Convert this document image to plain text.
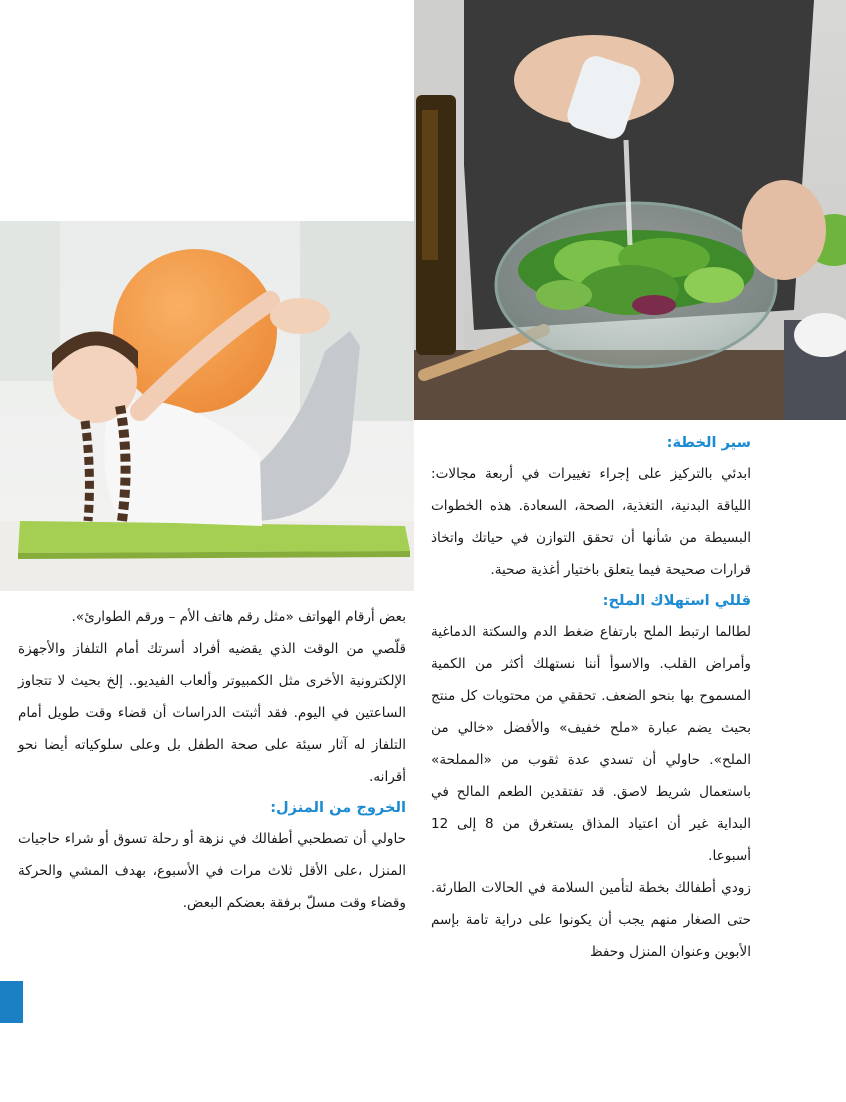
سير الخطة:

ابدئي بالتركيز على إجراء تغييرات في أربعة مجالات: اللياقة البدنية، التغذية، الصحة، السعادة. هذه الخطوات البسيطة من شأنها أن تحقق التوازن في حياتك واتخاذ قرارات صحيحة فيما يتعلق باختيار أغذية صحية.

قللي استهلاك الملح:

لطالما ارتبط الملح بارتفاع ضغط الدم والسكتة الدماغية وأمراض القلب. والاسوأ أننا نستهلك أكثر من الكمية المسموح بها بنحو الضعف. تحققي من محتويات كل منتج بحيث يضم عبارة «ملح خفيف» والأفضل «خالي من الملح». حاولي أن تسدي عدة ثقوب من «المملحة» باستعمال شريط لاصق. قد تفتقدين الطعم المالح في البداية غير أن اعتياد المذاق يستغرق من 8 إلى 12 أسبوعا.

زودي أطفالك بخطة لتأمين السلامة في الحالات الطارئة. حتى الصغار منهم يجب أن يكونوا على دراية تامة بإسم الأبوين وعنوان المنزل وحفظ

بعض أرقام الهواتف «مثل رقم هاتف الأم – ورقم الطوارئ».

قلّصي من الوقت الذي يقضيه أفراد أسرتك أمام التلفاز والأجهزة الإلكترونية الأخرى مثل الكمبيوتر وألعاب الفيديو.. إلخ بحيث لا تتجاوز الساعتين في اليوم. فقد أثبتت الدراسات أن قضاء وقت طويل أمام التلفاز له آثار سيئة على صحة الطفل بل وعلى سلوكياته أيضا نحو أقرانه.

الخروج من المنزل:

حاولي أن تصطحبي أطفالك في نزهة أو رحلة تسوق أو شراء حاجيات المنزل ،على الأقل ثلاث مرات في الأسبوع، بهدف المشي والحركة وقضاء وقت مسلّ برفقة بعضكم البعض.
